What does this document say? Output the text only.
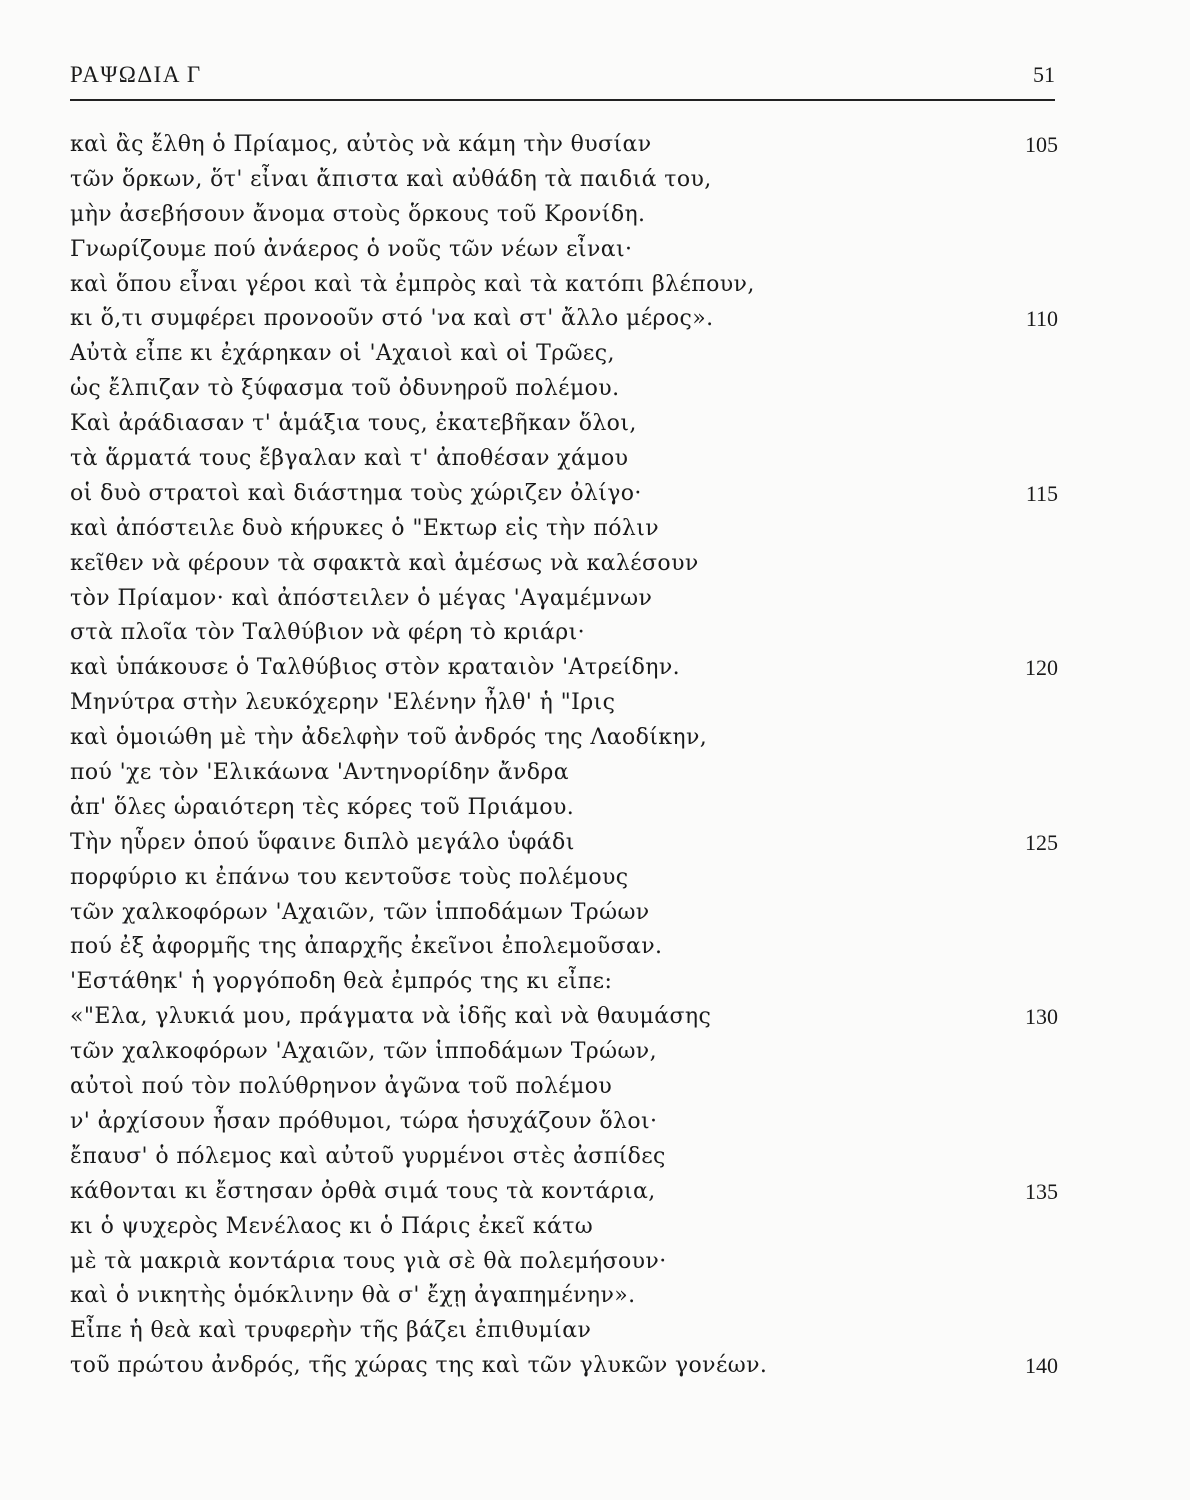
ΡΑΨΩΔΙΑ Γ	51
καὶ ἂς ἔλθη ὁ Πρίαμος, αὐτὸς νὰ κάμη τὴν θυσίαν	105
τῶν ὅρκων, ὅτ' εἶναι ἄπιστα καὶ αὐθάδη τὰ παιδιά του,
μὴν ἀσεβήσουν ἄνομα στοὺς ὅρκους τοῦ Κρονίδη.
Γνωρίζουμε πού ἀνάερος ὁ νοῦς τῶν νέων εἶναι·
καὶ ὅπου εἶναι γέροι καὶ τὰ ἐμπρὸς καὶ τὰ κατόπι βλέπουν,
κι ὅ,τι συμφέρει προνοοῦν στό 'να καὶ στ' ἄλλο μέρος».	110
Αὐτὰ εἶπε κι ἐχάρηκαν οἱ 'Αχαιοὶ καὶ οἱ Τρῶες,
ὡς ἔλπιζαν τὸ ξύφασμα τοῦ ὀδυνηροῦ πολέμου.
Καὶ ἀράδιασαν τ' ἁμάξια τους, ἐκατεβῆκαν ὅλοι,
τὰ ἅρματά τους ἔβγαλαν καὶ τ' ἀποθέσαν χάμου
οἱ δυὸ στρατοὶ καὶ διάστημα τοὺς χώριζεν ὀλίγο·	115
καὶ ἀπόστειλε δυὸ κήρυκες ὁ "Εκτωρ εἰς τὴν πόλιν
κεῖθεν νὰ φέρουν τὰ σφακτὰ καὶ ἀμέσως νὰ καλέσουν
τὸν Πρίαμον· καὶ ἀπόστειλεν ὁ μέγας 'Αγαμέμνων
στὰ πλοῖα τὸν Ταλθύβιον νὰ φέρη τὸ κριάρι·
καὶ ὑπάκουσε ὁ Ταλθύβιος στὸν κραταιὸν 'Ατρείδην.	120
Μηνύτρα στὴν λευκόχερην 'Ελένην ἦλθ' ἡ "Ιρις
καὶ ὁμοιώθη μὲ τὴν ἀδελφὴν τοῦ ἀνδρός της Λαοδίκην,
πού 'χε τὸν 'Ελικάωνα 'Αντηνορίδην ἄνδρα
ἀπ' ὅλες ὡραιότερη τὲς κόρες τοῦ Πριάμου.
Τὴν ηὗρεν ὁπού ὕφαινε διπλὸ μεγάλο ὑφάδι	125
πορφύριο κι ἐπάνω του κεντοῦσε τοὺς πολέμους
τῶν χαλκοφόρων 'Αχαιῶν, τῶν ἱπποδάμων Τρώων
πού ἐξ ἀφορμῆς της ἀπαρχῆς ἐκεῖνοι ἐπολεμοῦσαν.
'Εστάθηκ' ἡ γοργόποδη θεὰ ἐμπρός της κι εἶπε:
«"Ελα, γλυκιά μου, πράγματα νὰ ἰδῆς καὶ νὰ θαυμάσης	130
τῶν χαλκοφόρων 'Αχαιῶν, τῶν ἱπποδάμων Τρώων,
αὐτοὶ πού τὸν πολύθρηνον ἀγῶνα τοῦ πολέμου
ν' ἀρχίσουν ἦσαν πρόθυμοι, τώρα ἡσυχάζουν ὅλοι·
ἔπαυσ' ὁ πόλεμος καὶ αὐτοῦ γυρμένοι στὲς ἀσπίδες
κάθονται κι ἔστησαν ὀρθὰ σιμά τους τὰ κοντάρια,	135
κι ὁ ψυχερὸς Μενέλαος κι ὁ Πάρις ἐκεῖ κάτω
μὲ τὰ μακριὰ κοντάρια τους γιὰ σὲ θὰ πολεμήσουν·
καὶ ὁ νικητὴς ὁμόκλινην θὰ σ' ἔχῃ ἀγαπημένην».
Εἶπε ἡ θεὰ καὶ τρυφερὴν τῆς βάζει ἐπιθυμίαν
τοῦ πρώτου ἀνδρός, τῆς χώρας της καὶ τῶν γλυκῶν γονέων.	140
